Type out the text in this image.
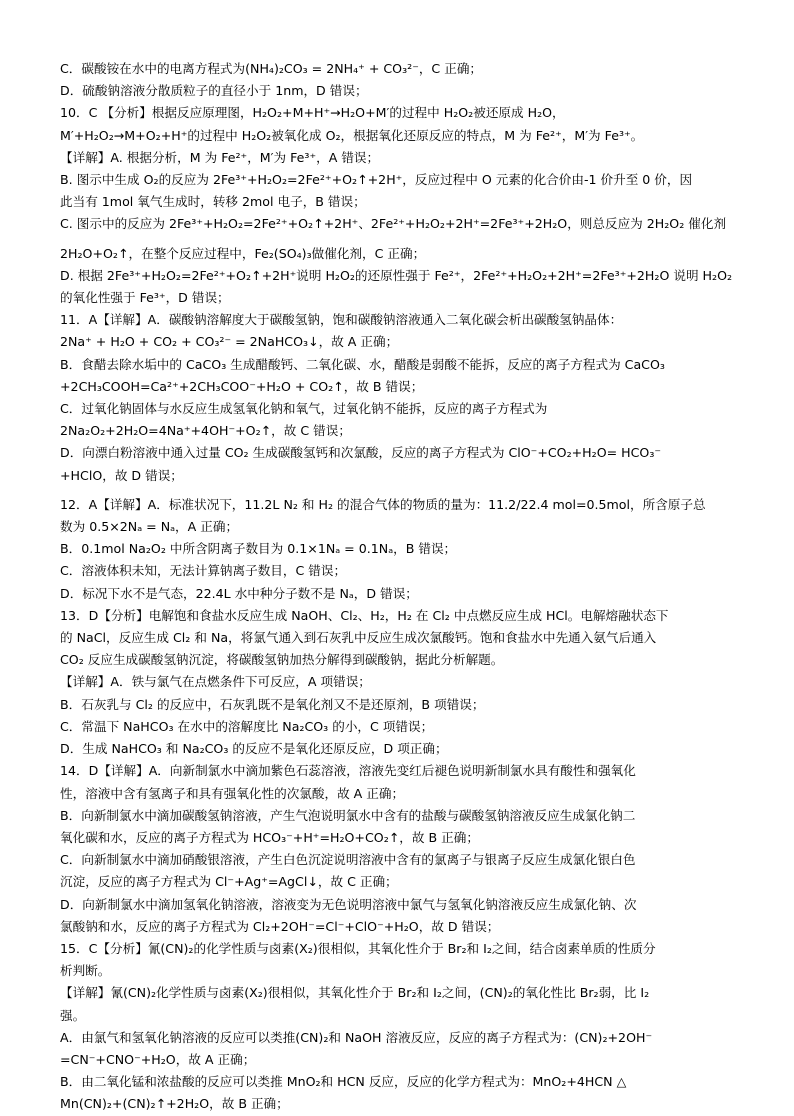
C．碳酸铵在水中的电离方程式为(NH₄)₂CO₃ = 2NH₄⁺ + CO₃²⁻，C 正确；
D．硫酸钠溶液分散质粒子的直径小于 1nm，D 错误；
10．C 【分析】根据反应原理图，H₂O₂+M+H⁺→H₂O+M′的过程中 H₂O₂被还原成 H₂O，
M′+H₂O₂→M+O₂+H⁺的过程中 H₂O₂被氧化成 O₂，根据氧化还原反应的特点，M 为 Fe²⁺，M′为 Fe³⁺。
【详解】A. 根据分析，M 为 Fe²⁺，M′为 Fe³⁺，A 错误；
B. 图示中生成 O₂的反应为 2Fe³⁺+H₂O₂=2Fe²⁺+O₂↑+2H⁺，反应过程中 O 元素的化合价由-1 价升至 0 价，因
此当有 1mol 氧气生成时，转移 2mol 电子，B 错误；
C. 图示中的反应为 2Fe³⁺+H₂O₂=2Fe²⁺+O₂↑+2H⁺、2Fe²⁺+H₂O₂+2H⁺=2Fe³⁺+2H₂O，则总反应为 2H₂O₂ 催化剂
2H₂O+O₂↑，在整个反应过程中，Fe₂(SO₄)₃做催化剂，C 正确；
D. 根据 2Fe³⁺+H₂O₂=2Fe²⁺+O₂↑+2H⁺说明 H₂O₂的还原性强于 Fe²⁺，2Fe²⁺+H₂O₂+2H⁺=2Fe³⁺+2H₂O 说明 H₂O₂
的氧化性强于 Fe³⁺，D 错误；
11．A【详解】A．碳酸钠溶解度大于碳酸氢钠，饱和碳酸钠溶液通入二氧化碳会析出碳酸氢钠晶体：
2Na⁺ + H₂O + CO₂ + CO₃²⁻ = 2NaHCO₃↓，故 A 正确；
B．食醋去除水垢中的 CaCO₃ 生成醋酸钙、二氧化碳、水，醋酸是弱酸不能拆，反应的离子方程式为 CaCO₃
+2CH₃COOH=Ca²⁺+2CH₃COO⁻+H₂O + CO₂↑，故 B 错误；
C．过氧化钠固体与水反应生成氢氧化钠和氧气，过氧化钠不能拆，反应的离子方程式为
2Na₂O₂+2H₂O=4Na⁺+4OH⁻+O₂↑，故 C 错误；
D．向漂白粉溶液中通入过量 CO₂ 生成碳酸氢钙和次氯酸，反应的离子方程式为 ClO⁻+CO₂+H₂O= HCO₃⁻
+HClO，故 D 错误；
12．A【详解】A．标准状况下，11.2L N₂ 和 H₂ 的混合气体的物质的量为：11.2/22.4 mol=0.5mol，所含原子总
数为 0.5×2Nₐ = Nₐ，A 正确；
B．0.1mol Na₂O₂ 中所含阴离子数目为 0.1×1Nₐ = 0.1Nₐ，B 错误；
C．溶液体积未知，无法计算钠离子数目，C 错误；
D．标况下水不是气态，22.4L 水中种分子数不是 Nₐ，D 错误；
13．D【分析】电解饱和食盐水反应生成 NaOH、Cl₂、H₂，H₂ 在 Cl₂ 中点燃反应生成 HCl。电解熔融状态下
的 NaCl，反应生成 Cl₂ 和 Na，将氯气通入到石灰乳中反应生成次氯酸钙。饱和食盐水中先通入氨气后通入
CO₂ 反应生成碳酸氢钠沉淀，将碳酸氢钠加热分解得到碳酸钠，据此分析解题。
【详解】A．铁与氯气在点燃条件下可反应，A 项错误；
B．石灰乳与 Cl₂ 的反应中，石灰乳既不是氧化剂又不是还原剂，B 项错误；
C．常温下 NaHCO₃ 在水中的溶解度比 Na₂CO₃ 的小，C 项错误；
D．生成 NaHCO₃ 和 Na₂CO₃ 的反应不是氧化还原反应，D 项正确；
14．D【详解】A．向新制氯水中滴加紫色石蕊溶液，溶液先变红后褪色说明新制氯水具有酸性和强氧化
性，溶液中含有氢离子和具有强氧化性的次氯酸，故 A 正确；
B．向新制氯水中滴加碳酸氢钠溶液，产生气泡说明氯水中含有的盐酸与碳酸氢钠溶液反应生成氯化钠二
氧化碳和水，反应的离子方程式为 HCO₃⁻+H⁺=H₂O+CO₂↑，故 B 正确；
C．向新制氯水中滴加硝酸银溶液，产生白色沉淀说明溶液中含有的氯离子与银离子反应生成氯化银白色
沉淀，反应的离子方程式为 Cl⁻+Ag⁺=AgCl↓，故 C 正确；
D．向新制氯水中滴加氢氧化钠溶液，溶液变为无色说明溶液中氯气与氢氧化钠溶液反应生成氯化钠、次
氯酸钠和水，反应的离子方程式为 Cl₂+2OH⁻=Cl⁻+ClO⁻+H₂O，故 D 错误；
15．C【分析】氰(CN)₂的化学性质与卤素(X₂)很相似，其氧化性介于 Br₂和 I₂之间，结合卤素单质的性质分
析判断。
【详解】氰(CN)₂化学性质与卤素(X₂)很相似，其氧化性介于 Br₂和 I₂之间，(CN)₂的氧化性比 Br₂弱，比 I₂
强。
A．由氯气和氢氧化钠溶液的反应可以类推(CN)₂和 NaOH 溶液反应，反应的离子方程式为：(CN)₂+2OH⁻
=CN⁻+CNO⁻+H₂O，故 A 正确；
B．由二氧化锰和浓盐酸的反应可以类推 MnO₂和 HCN 反应，反应的化学方程式为：MnO₂+4HCN △
Mn(CN)₂+(CN)₂↑+2H₂O，故 B 正确；
